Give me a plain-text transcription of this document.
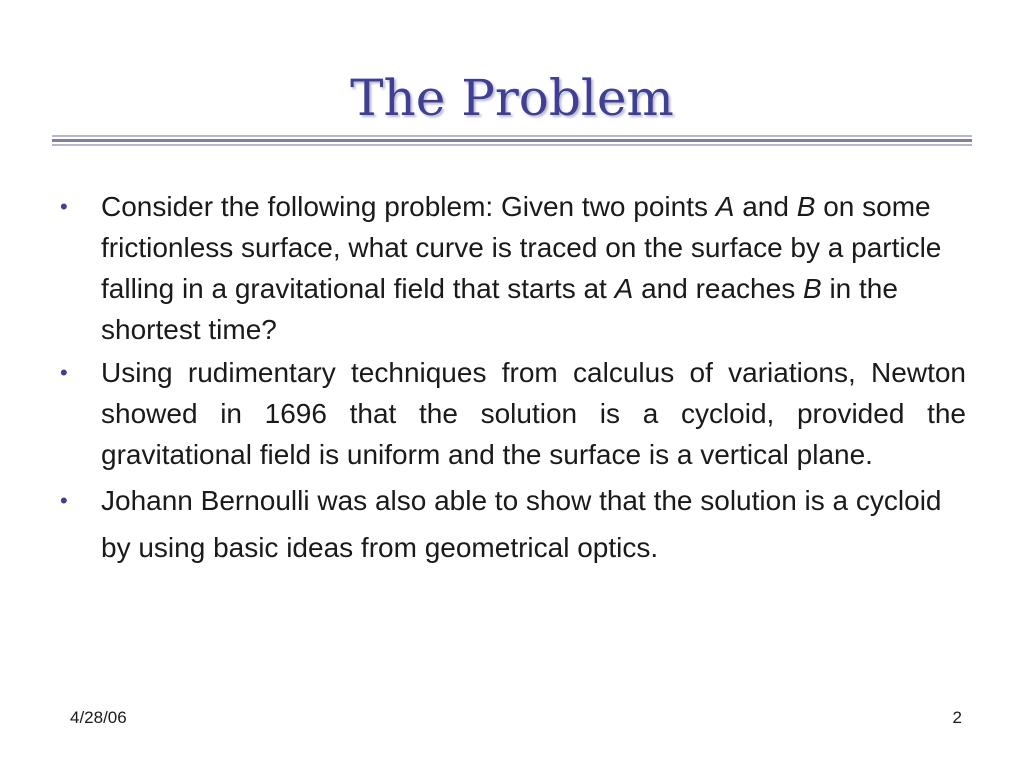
The Problem
• Consider the following problem: Given two points A and B on some frictionless surface, what curve is traced on the surface by a particle falling in a gravitational field that starts at A and reaches B in the shortest time?
• Using rudimentary techniques from calculus of variations, Newton showed in 1696 that the solution is a cycloid, provided the gravitational field is uniform and the surface is a vertical plane.
• Johann Bernoulli was also able to show that the solution is a cycloid by using basic ideas from geometrical optics.
4/28/06	2
